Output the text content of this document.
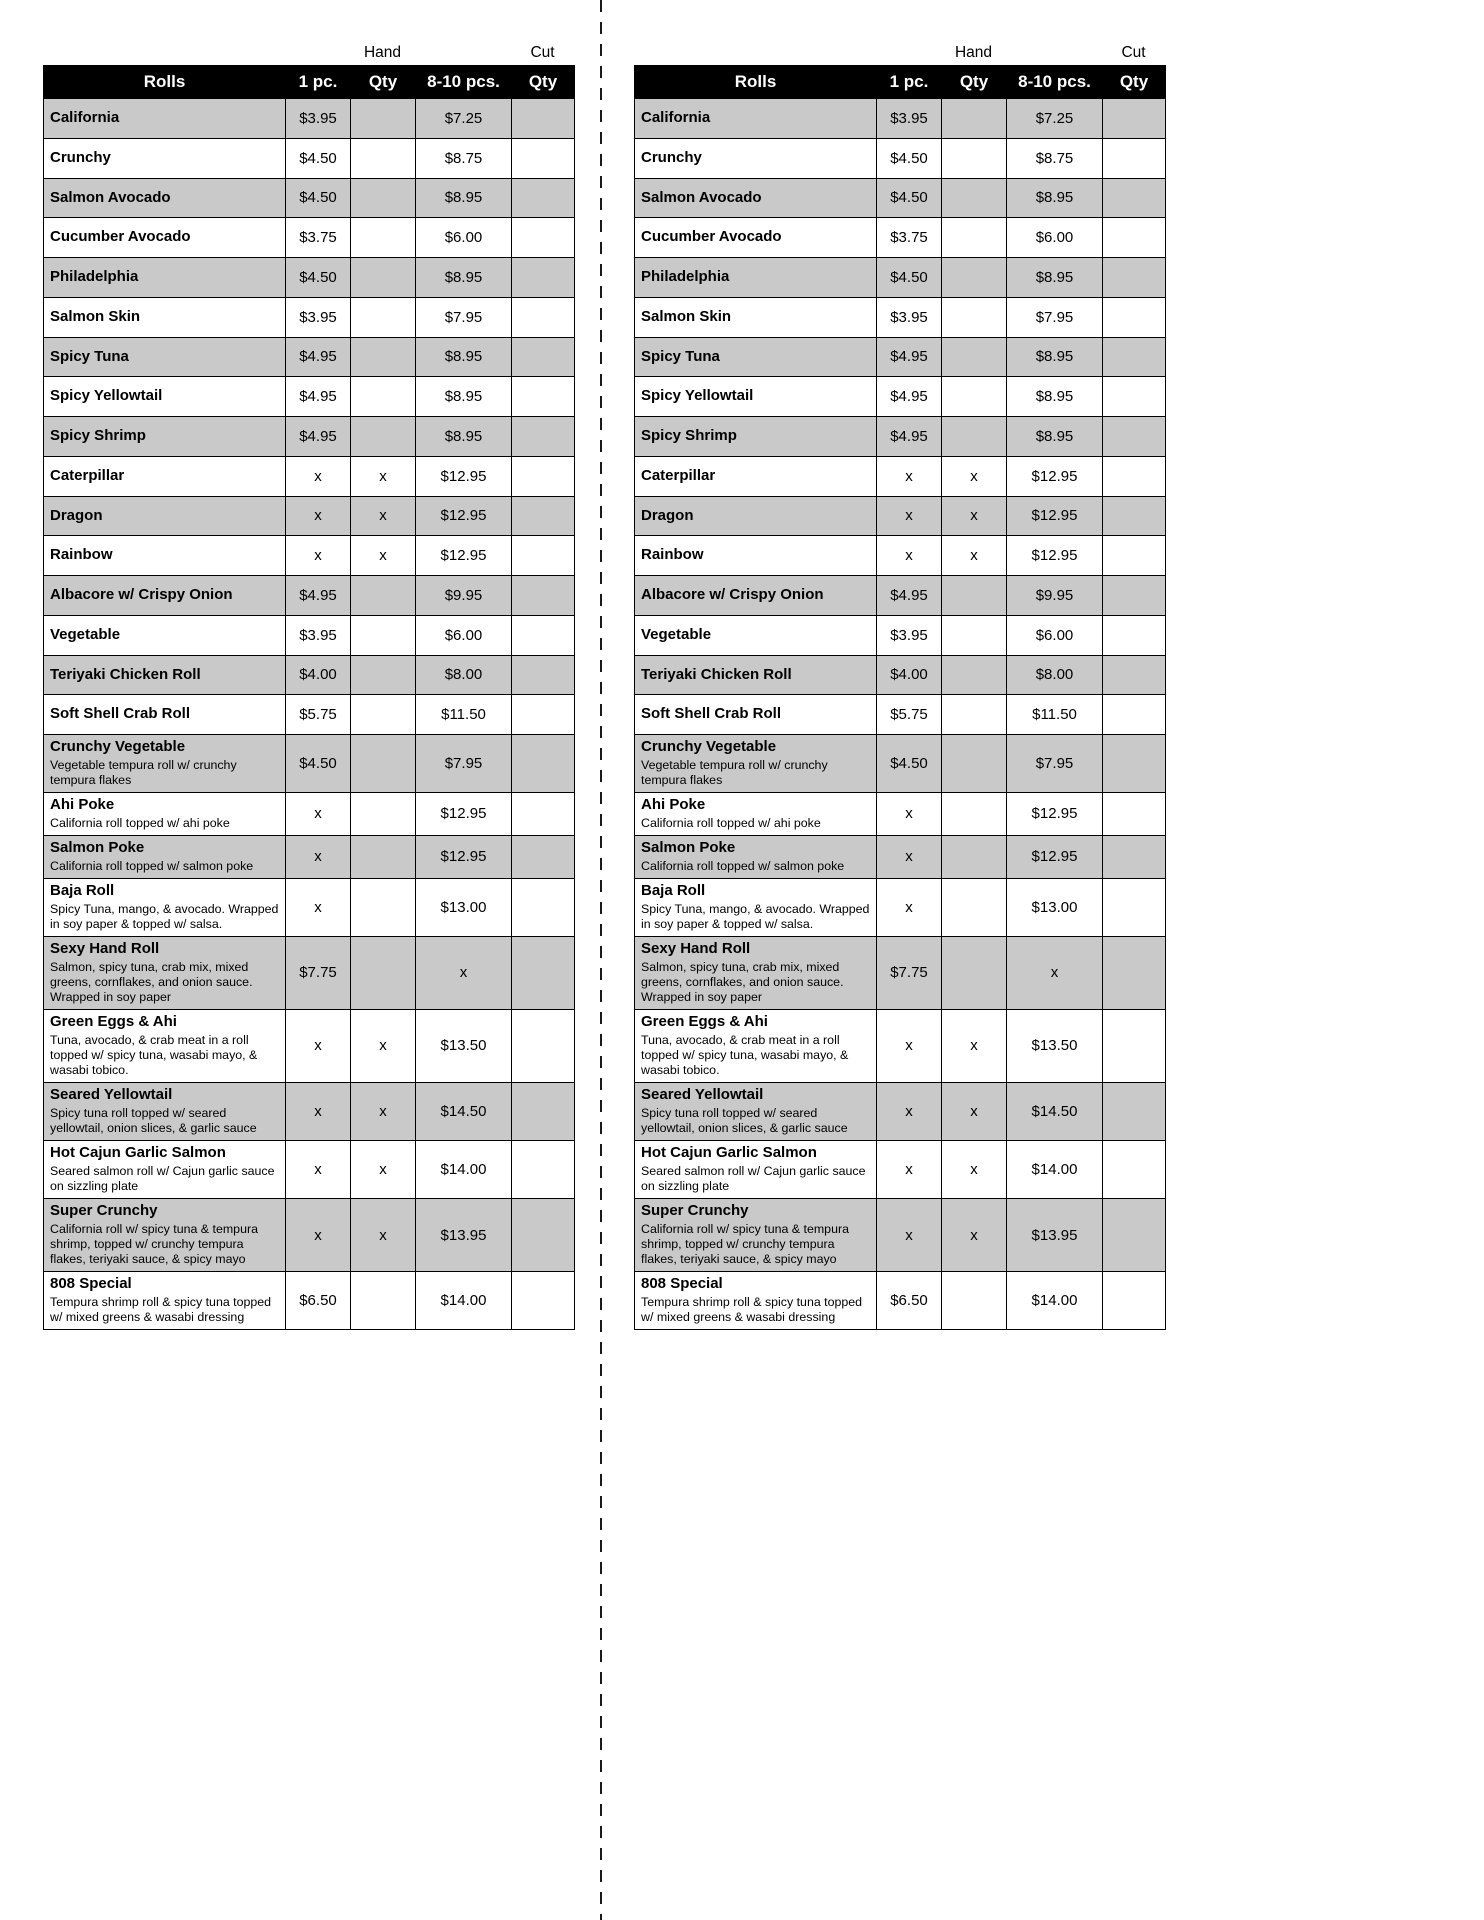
Hand	Cut
Rolls	1 pc.	Qty	8-10 pcs.	Qty

California	$3.95		$7.25	

Crunchy	$4.50		$8.75	

Salmon Avocado	$4.50		$8.95	

Cucumber Avocado	$3.75		$6.00	

Philadelphia	$4.50		$8.95	

Salmon Skin	$3.95		$7.95	

Spicy Tuna	$4.95		$8.95	

Spicy Yellowtail	$4.95		$8.95	

Spicy Shrimp	$4.95		$8.95	

Caterpillar	x	x	$12.95	

Dragon	x	x	$12.95	

Rainbow	x	x	$12.95	

Albacore w/ Crispy Onion	$4.95		$9.95	

Vegetable	$3.95		$6.00	

Teriyaki Chicken Roll	$4.00		$8.00	

Soft Shell Crab Roll	$5.75		$11.50	

Crunchy Vegetable
Vegetable tempura roll w/ crunchy tempura flakes	$4.50		$7.95	

Ahi Poke
California roll topped w/ ahi poke	x		$12.95	

Salmon Poke
California roll topped w/ salmon poke	x		$12.95	

Baja Roll
Spicy Tuna, mango, & avocado. Wrapped in soy paper & topped w/ salsa.	x		$13.00	

Sexy Hand Roll
Salmon, spicy tuna, crab mix, mixed greens, cornflakes, and onion sauce. Wrapped in soy paper	$7.75		x	

Green Eggs & Ahi
Tuna, avocado, & crab meat in a roll topped w/ spicy tuna, wasabi mayo, & wasabi tobico.	x	x	$13.50	

Seared Yellowtail
Spicy tuna roll topped w/ seared yellowtail, onion slices, & garlic sauce	x	x	$14.50	

Hot Cajun Garlic Salmon
Seared salmon roll w/ Cajun garlic sauce on sizzling plate	x	x	$14.00	

Super Crunchy
California roll w/ spicy tuna & tempura shrimp, topped w/ crunchy tempura flakes, teriyaki sauce, & spicy mayo	x	x	$13.95	

808 Special
Tempura shrimp roll & spicy tuna topped w/ mixed greens & wasabi dressing	$6.50		$14.00	
Hand	Cut
Rolls	1 pc.	Qty	8-10 pcs.	Qty

California	$3.95		$7.25	

Crunchy	$4.50		$8.75	

Salmon Avocado	$4.50		$8.95	

Cucumber Avocado	$3.75		$6.00	

Philadelphia	$4.50		$8.95	

Salmon Skin	$3.95		$7.95	

Spicy Tuna	$4.95		$8.95	

Spicy Yellowtail	$4.95		$8.95	

Spicy Shrimp	$4.95		$8.95	

Caterpillar	x	x	$12.95	

Dragon	x	x	$12.95	

Rainbow	x	x	$12.95	

Albacore w/ Crispy Onion	$4.95		$9.95	

Vegetable	$3.95		$6.00	

Teriyaki Chicken Roll	$4.00		$8.00	

Soft Shell Crab Roll	$5.75		$11.50	

Crunchy Vegetable
Vegetable tempura roll w/ crunchy tempura flakes	$4.50		$7.95	

Ahi Poke
California roll topped w/ ahi poke	x		$12.95	

Salmon Poke
California roll topped w/ salmon poke	x		$12.95	

Baja Roll
Spicy Tuna, mango, & avocado. Wrapped in soy paper & topped w/ salsa.	x		$13.00	

Sexy Hand Roll
Salmon, spicy tuna, crab mix, mixed greens, cornflakes, and onion sauce. Wrapped in soy paper	$7.75		x	

Green Eggs & Ahi
Tuna, avocado, & crab meat in a roll topped w/ spicy tuna, wasabi mayo, & wasabi tobico.	x	x	$13.50	

Seared Yellowtail
Spicy tuna roll topped w/ seared yellowtail, onion slices, & garlic sauce	x	x	$14.50	

Hot Cajun Garlic Salmon
Seared salmon roll w/ Cajun garlic sauce on sizzling plate	x	x	$14.00	

Super Crunchy
California roll w/ spicy tuna & tempura shrimp, topped w/ crunchy tempura flakes, teriyaki sauce, & spicy mayo	x	x	$13.95	

808 Special
Tempura shrimp roll & spicy tuna topped w/ mixed greens & wasabi dressing	$6.50		$14.00	
